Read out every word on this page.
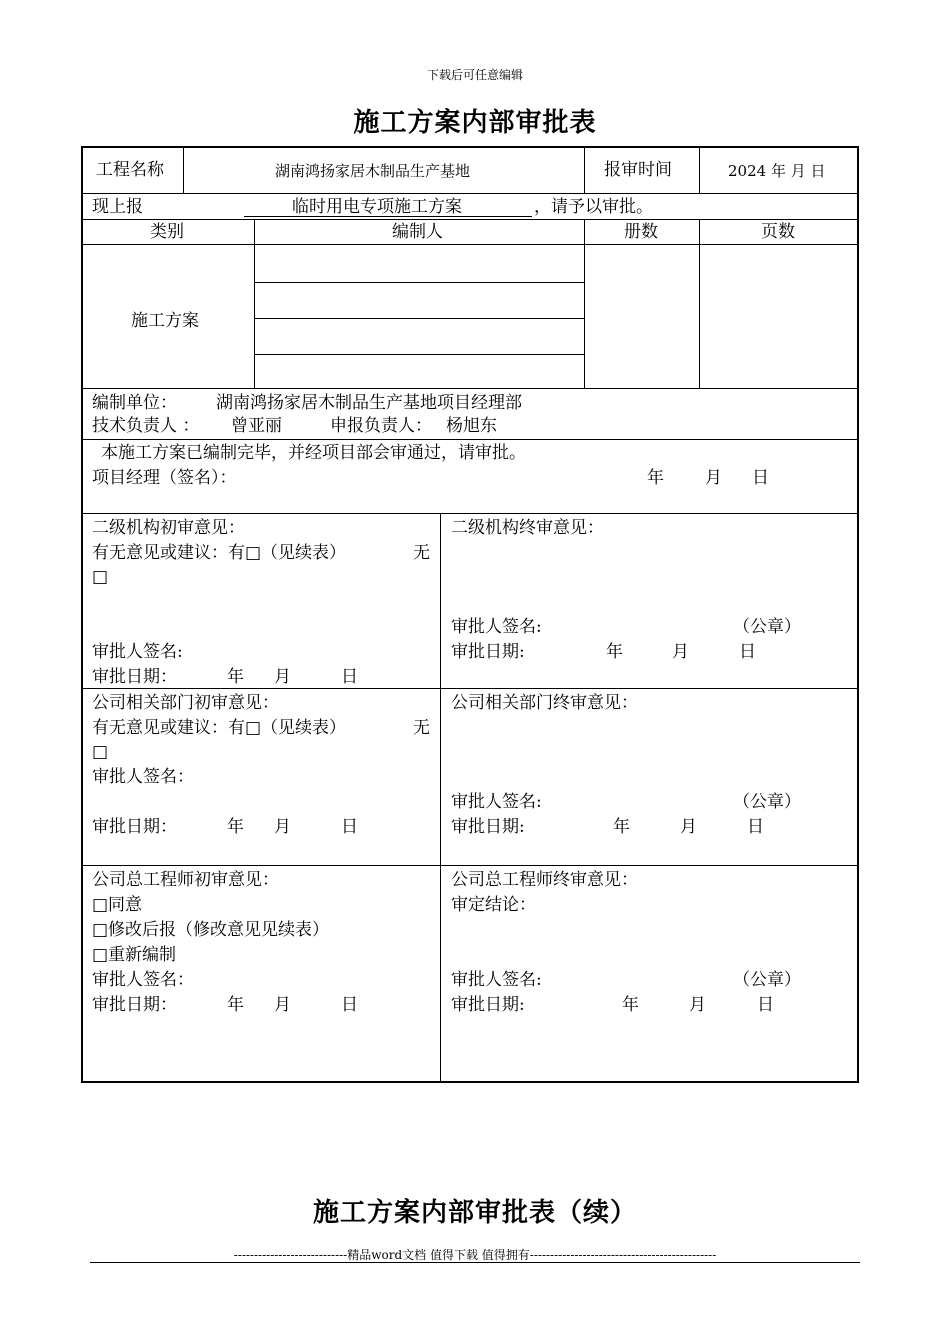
下载后可任意编辑
施工方案内部审批表
工程名称	湖南鸿扬家居木制品生产基地	报审时间	2024 年 月 日
现上报	临时用电专项施工方案	，请予以审批。
类别	编制人	册数	页数
施工方案
编制单位： 湖南鸿扬家居木制品生产基地项目经理部
技术负责人 ： 曾亚丽	申报负责人： 杨旭东
本施工方案已编制完毕，并经项目部会审通过，请审批。
项目经理（签名）：	年 月 日
二级机构初审意见：
有无意见或建议：有□（见续表）	无
□
审批人签名:
审批日期：	年 月	日
二级机构终审意见：
审批人签名:	（公章）
审批日期:	年	月	日
公司相关部门初审意见：
有无意见或建议：有□（见续表）	无
□
审批人签名：
审批日期：	年 月	日
公司相关部门终审意见：
审批人签名:	（公章）
审批日期:	年	月	日
公司总工程师初审意见：
□同意
□修改后报（修改意见见续表）
□重新编制
审批人签名：
审批日期：	年 月	日
公司总工程师终审意见：
审定结论：
审批人签名:	（公章）
审批日期:	年	月	日
施工方案内部审批表（续）
----------------------------精品word文档 值得下载 值得拥有----------------------------------------------
